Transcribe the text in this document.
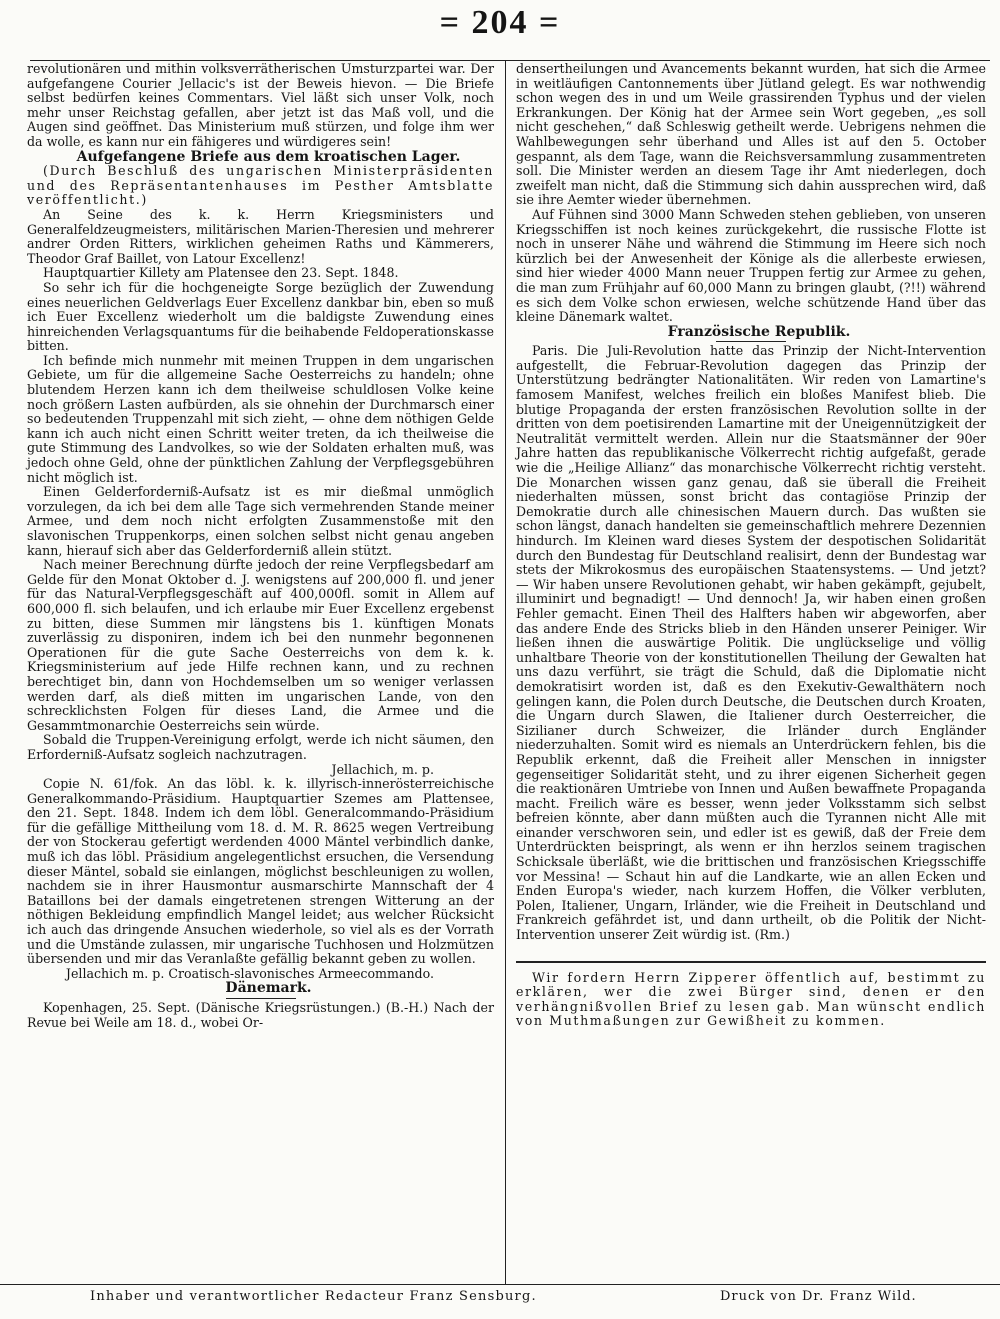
= 204 =

revolutionären und mithin volksverrätherischen Umsturzpartei war. Der aufgefangene Courier Jellacic's ist der Beweis hievon. — Die Briefe selbst bedürfen keines Commentars. Viel läßt sich unser Volk, noch mehr unser Reichstag gefallen, aber jetzt ist das Maß voll, und die Augen sind geöffnet. Das Ministerium muß stürzen, und folge ihm wer da wolle, es kann nur ein fähigeres und würdigeres sein!

Aufgefangene Briefe aus dem kroatischen Lager.

(Durch Beschluß des ungarischen Ministerpräsidenten und des Repräsentantenhauses im Pesther Amtsblatte veröffentlicht.)

An Seine des k. k. Herrn Kriegsministers und Generalfeldzeugmeisters, militärischen Marien-Theresien und mehrerer andrer Orden Ritters, wirklichen geheimen Raths und Kämmerers, Theodor Graf Baillet, von Latour Excellenz!

Hauptquartier Killety am Platensee den 23. Sept. 1848.

So sehr ich für die hochgeneigte Sorge bezüglich der Zuwendung eines neuerlichen Geldverlags Euer Excellenz dankbar bin, eben so muß ich Euer Excellenz wiederholt um die baldigste Zuwendung eines hinreichenden Verlagsquantums für die beihabende Feldoperationskasse bitten.

Ich befinde mich nunmehr mit meinen Truppen in dem ungarischen Gebiete, um für die allgemeine Sache Oesterreichs zu handeln; ohne blutendem Herzen kann ich dem theilweise schuldlosen Volke keine noch größern Lasten aufbürden, als sie ohnehin der Durchmarsch einer so bedeutenden Truppenzahl mit sich zieht, — ohne dem nöthigen Gelde kann ich auch nicht einen Schritt weiter treten, da ich theilweise die gute Stimmung des Landvolkes, so wie der Soldaten erhalten muß, was jedoch ohne Geld, ohne der pünktlichen Zahlung der Verpflegsgebühren nicht möglich ist.

Einen Gelderforderniß-Aufsatz ist es mir dießmal unmöglich vorzulegen, da ich bei dem alle Tage sich vermehrenden Stande meiner Armee, und dem noch nicht erfolgten Zusammenstoße mit den slavonischen Truppenkorps, einen solchen selbst nicht genau angeben kann, hierauf sich aber das Gelderforderniß allein stützt.

Nach meiner Berechnung dürfte jedoch der reine Verpflegsbedarf am Gelde für den Monat Oktober d. J. wenigstens auf 200,000 fl. und jener für das Natural-Verpflegsgeschäft auf 400,000fl. somit in Allem auf 600,000 fl. sich belaufen, und ich erlaube mir Euer Excellenz ergebenst zu bitten, diese Summen mir längstens bis 1. künftigen Monats zuverlässig zu disponiren, indem ich bei den nunmehr begonnenen Operationen für die gute Sache Oesterreichs von dem k. k. Kriegsministerium auf jede Hilfe rechnen kann, und zu rechnen berechtiget bin, dann von Hochdemselben um so weniger verlassen werden darf, als dieß mitten im ungarischen Lande, von den schrecklichsten Folgen für dieses Land, die Armee und die Gesammtmonarchie Oesterreichs sein würde.

Sobald die Truppen-Vereinigung erfolgt, werde ich nicht säumen, den Erforderniß-Aufsatz sogleich nachzutragen.

Jellachich, m. p.

Copie N. 61/fok. An das löbl. k. k. illyrisch-innerösterreichische Generalkommando-Präsidium. Hauptquartier Szemes am Plattensee, den 21. Sept. 1848. Indem ich dem löbl. Generalcommando-Präsidium für die gefällige Mittheilung vom 18. d. M. R. 8625 wegen Vertreibung der von Stockerau gefertigt werdenden 4000 Mäntel verbindlich danke, muß ich das löbl. Präsidium angelegentlichst ersuchen, die Versendung dieser Mäntel, sobald sie einlangen, möglichst beschleunigen zu wollen, nachdem sie in ihrer Hausmontur ausmarschirte Mannschaft der 4 Bataillons bei der damals eingetretenen strengen Witterung an der nöthigen Bekleidung empfindlich Mangel leidet; aus welcher Rücksicht ich auch das dringende Ansuchen wiederhole, so viel als es der Vorrath und die Umstände zulassen, mir ungarische Tuchhosen und Holzmützen übersenden und mir das Veranlaßte gefällig bekannt geben zu wollen.

Jellachich m. p. Croatisch-slavonisches Armeecommando.

Dänemark.

Kopenhagen, 25. Sept. (Dänische Kriegsrüstungen.) (B.-H.) Nach der Revue bei Weile am 18. d., wobei Or-

densertheilungen und Avancements bekannt wurden, hat sich die Armee in weitläufigen Cantonnements über Jütland gelegt. Es war nothwendig schon wegen des in und um Weile grassirenden Typhus und der vielen Erkrankungen. Der König hat der Armee sein Wort gegeben, „es soll nicht geschehen,“ daß Schleswig getheilt werde. Uebrigens nehmen die Wahlbewegungen sehr überhand und Alles ist auf den 5. October gespannt, als dem Tage, wann die Reichsversammlung zusammentreten soll. Die Minister werden an diesem Tage ihr Amt niederlegen, doch zweifelt man nicht, daß die Stimmung sich dahin aussprechen wird, daß sie ihre Aemter wieder übernehmen.

Auf Fühnen sind 3000 Mann Schweden stehen geblieben, von unseren Kriegsschiffen ist noch keines zurückgekehrt, die russische Flotte ist noch in unserer Nähe und während die Stimmung im Heere sich noch kürzlich bei der Anwesenheit der Könige als die allerbeste erwiesen, sind hier wieder 4000 Mann neuer Truppen fertig zur Armee zu gehen, die man zum Frühjahr auf 60,000 Mann zu bringen glaubt, (?!!) während es sich dem Volke schon erwiesen, welche schützende Hand über das kleine Dänemark waltet.

Französische Republik.

Paris. Die Juli-Revolution hatte das Prinzip der Nicht-Intervention aufgestellt, die Februar-Revolution dagegen das Prinzip der Unterstützung bedrängter Nationalitäten. Wir reden von Lamartine's famosem Manifest, welches freilich ein bloßes Manifest blieb. Die blutige Propaganda der ersten französischen Revolution sollte in der dritten von dem poetisirenden Lamartine mit der Uneigennützigkeit der Neutralität vermittelt werden. Allein nur die Staatsmänner der 90er Jahre hatten das republikanische Völkerrecht richtig aufgefaßt, gerade wie die „Heilige Allianz“ das monarchische Völkerrecht richtig versteht. Die Monarchen wissen ganz genau, daß sie überall die Freiheit niederhalten müssen, sonst bricht das contagiöse Prinzip der Demokratie durch alle chinesischen Mauern durch. Das wußten sie schon längst, danach handelten sie gemeinschaftlich mehrere Dezennien hindurch. Im Kleinen ward dieses System der despotischen Solidarität durch den Bundestag für Deutschland realisirt, denn der Bundestag war stets der Mikrokosmus des europäischen Staatensystems. — Und jetzt? — Wir haben unsere Revolutionen gehabt, wir haben gekämpft, gejubelt, illuminirt und begnadigt! — Und dennoch! Ja, wir haben einen großen Fehler gemacht. Einen Theil des Halfters haben wir abgeworfen, aber das andere Ende des Stricks blieb in den Händen unserer Peiniger. Wir ließen ihnen die auswärtige Politik. Die unglückselige und völlig unhaltbare Theorie von der konstitutionellen Theilung der Gewalten hat uns dazu verführt, sie trägt die Schuld, daß die Diplomatie nicht demokratisirt worden ist, daß es den Exekutiv-Gewalthätern noch gelingen kann, die Polen durch Deutsche, die Deutschen durch Kroaten, die Ungarn durch Slawen, die Italiener durch Oesterreicher, die Sizilianer durch Schweizer, die Irländer durch Engländer niederzuhalten. Somit wird es niemals an Unterdrückern fehlen, bis die Republik erkennt, daß die Freiheit aller Menschen in innigster gegenseitiger Solidarität steht, und zu ihrer eigenen Sicherheit gegen die reaktionären Umtriebe von Innen und Außen bewaffnete Propaganda macht. Freilich wäre es besser, wenn jeder Volksstamm sich selbst befreien könnte, aber dann müßten auch die Tyrannen nicht Alle mit einander verschworen sein, und edler ist es gewiß, daß der Freie dem Unterdrückten beispringt, als wenn er ihn herzlos seinem tragischen Schicksale überläßt, wie die brittischen und französischen Kriegsschiffe vor Messina! — Schaut hin auf die Landkarte, wie an allen Ecken und Enden Europa's wieder, nach kurzem Hoffen, die Völker verbluten, Polen, Italiener, Ungarn, Irländer, wie die Freiheit in Deutschland und Frankreich gefährdet ist, und dann urtheilt, ob die Politik der Nicht-Intervention unserer Zeit würdig ist. (Rm.)

Wir fordern Herrn Zipperer öffentlich auf, bestimmt zu erklären, wer die zwei Bürger sind, denen er den verhängnißvollen Brief zu lesen gab. Man wünscht endlich von Muthmaßungen zur Gewißheit zu kommen.

Inhaber und verantwortlicher Redacteur Franz Sensburg.	Druck von Dr. Franz Wild.
